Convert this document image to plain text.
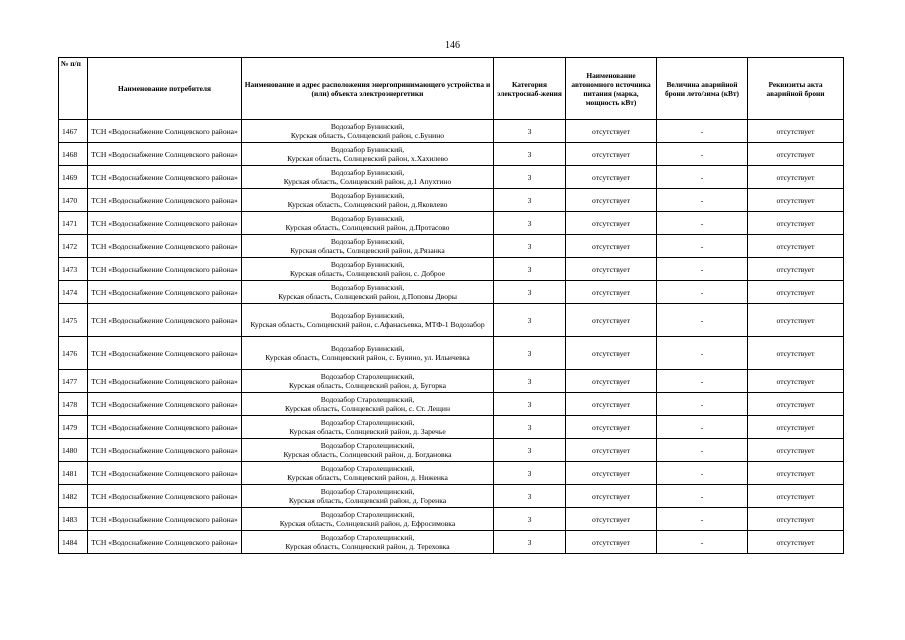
146
№ п/п	Наименование потребителя	Наименование и адрес расположения энергопринимающего устройства и (или) объекта электроэнергетики	Категория электроснаб-жения	Наименование автономного источника питания (марка, мощность кВт)	Величина аварийной брони лето/зима (кВт)	Реквизиты акта аварийной брони
1467	ТСН «Водоснабжение Солнцевского района»	Водозабор Бунинский,
Курская область, Солнцевский район, с.Бунино	3	отсутствует	-	отсутствует
1468	ТСН «Водоснабжение Солнцевского района»	Водозабор Бунинский,
Курская область, Солнцевский район, х.Хахилево	3	отсутствует	-	отсутствует
1469	ТСН «Водоснабжение Солнцевского района»	Водозабор Бунинский,
Курская область, Солнцевский район, д.1 Апухтино	3	отсутствует	-	отсутствует
1470	ТСН «Водоснабжение Солнцевского района»	Водозабор Бунинский,
Курская область, Солнцевский район, д.Яковлево	3	отсутствует	-	отсутствует
1471	ТСН «Водоснабжение Солнцевского района»	Водозабор Бунинский,
Курская область, Солнцевский район, д.Протасово	3	отсутствует	-	отсутствует
1472	ТСН «Водоснабжение Солнцевского района»	Водозабор Бунинский,
Курская область, Солнцевский район, д.Рязанка	3	отсутствует	-	отсутствует
1473	ТСН «Водоснабжение Солнцевского района»	Водозабор Бунинский,
Курская область, Солнцевский район, с. Доброе	3	отсутствует	-	отсутствует
1474	ТСН «Водоснабжение Солнцевского района»	Водозабор Бунинский,
Курская область, Солнцевский район, д.Поповы Дворы	3	отсутствует	-	отсутствует
1475	ТСН «Водоснабжение Солнцевского района»	Водозабор Бунинский,
Курская область, Солнцевский район, с.Афанасьевка, МТФ-1 Водозабор	3	отсутствует	-	отсутствует
1476	ТСН «Водоснабжение Солнцевского района»	Водозабор Бунинский,
Курская область, Солнцевский район, с. Бунино, ул. Ильичевка	3	отсутствует	-	отсутствует
1477	ТСН «Водоснабжение Солнцевского района»	Водозабор Старолещинский,
Курская область, Солнцевский район, д. Бугорка	3	отсутствует	-	отсутствует
1478	ТСН «Водоснабжение Солнцевского района»	Водозабор Старолещинский,
Курская область, Солнцевский район, с. Ст. Лещин	3	отсутствует	-	отсутствует
1479	ТСН «Водоснабжение Солнцевского района»	Водозабор Старолещинский,
Курская область, Солнцевский район, д. Заречье	3	отсутствует	-	отсутствует
1480	ТСН «Водоснабжение Солнцевского района»	Водозабор Старолещинский,
Курская область, Солнцевский район, д. Богдановка	3	отсутствует	-	отсутствует
1481	ТСН «Водоснабжение Солнцевского района»	Водозабор Старолещинский,
Курская область, Солнцевский район, д. Ниженка	3	отсутствует	-	отсутствует
1482	ТСН «Водоснабжение Солнцевского района»	Водозабор Старолещинский,
Курская область, Солнцевский район, д. Горенка	3	отсутствует	-	отсутствует
1483	ТСН «Водоснабжение Солнцевского района»	Водозабор Старолещинский,
Курская область, Солнцевский район, д. Ефросимовка	3	отсутствует	-	отсутствует
1484	ТСН «Водоснабжение Солнцевского района»	Водозабор Старолещинский,
Курская область, Солнцевский район, д. Тереховка	3	отсутствует	-	отсутствует
